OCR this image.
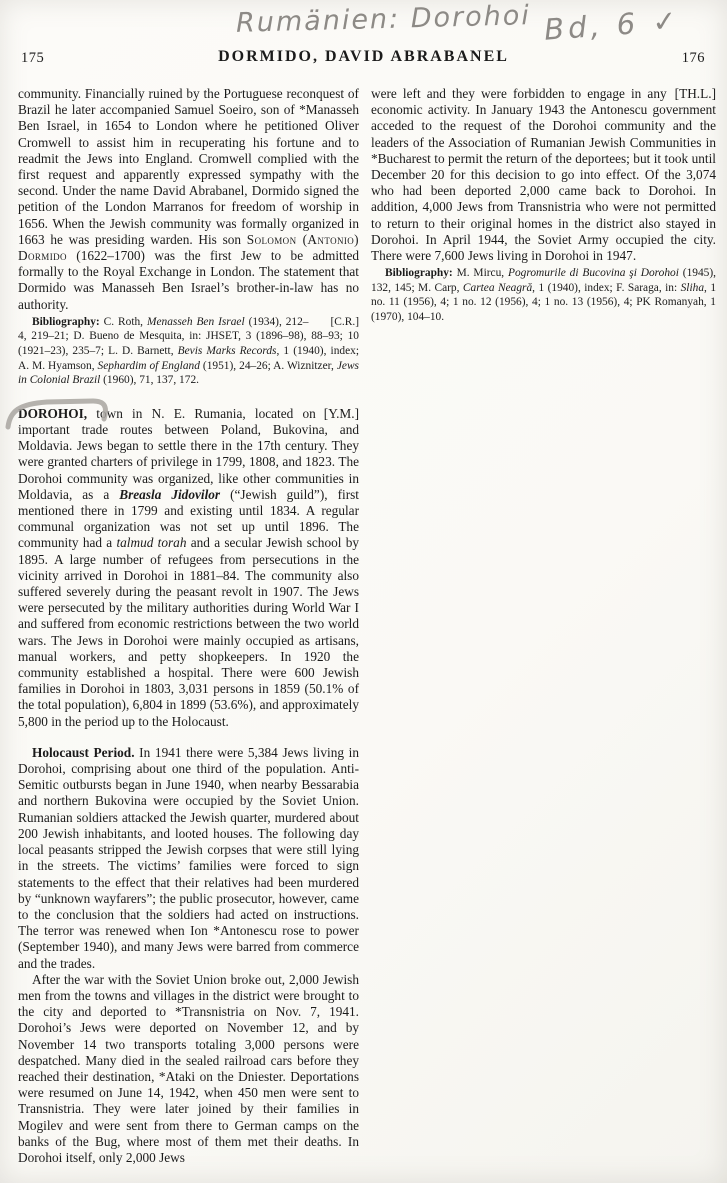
Rumänien: Dorohoi Bd, 6 ✓
175	DORMIDO, DAVID ABRABANEL	176

community. Financially ruined by the Portuguese reconquest of Brazil he later accompanied Samuel Soeiro, son of *Manasseh Ben Israel, in 1654 to London where he petitioned Oliver Cromwell to assist him in recuperating his fortune and to readmit the Jews into England. Cromwell complied with the first request and apparently expressed sympathy with the second. Under the name David Abrabanel, Dormido signed the petition of the London Marranos for freedom of worship in 1656. When the Jewish community was formally organized in 1663 he was presiding warden. His son Solomon (Antonio) Dormido (1622–1700) was the first Jew to be admitted formally to the Royal Exchange in London. The statement that Dormido was Manasseh Ben Israel’s brother-in-law has no authority.

[C.R.]
Bibliography: C. Roth, Menasseh Ben Israel (1934), 212–4, 219–21; D. Bueno de Mesquita, in: JHSET, 3 (1896–98), 88–93; 10 (1921–23), 235–7; L. D. Barnett, Bevis Marks Records, 1 (1940), index; A. M. Hyamson, Sephardim of England (1951), 24–26; A. Wiznitzer, Jews in Colonial Brazil (1960), 71, 137, 172.

[Y.M.]
DOROHOI, town in N. E. Rumania, located on important trade routes between Poland, Bukovina, and Moldavia. Jews began to settle there in the 17th century. They were granted charters of privilege in 1799, 1808, and 1823. The Dorohoi community was organized, like other communities in Moldavia, as a Breasla Jidovilor (“Jewish guild”), first mentioned there in 1799 and existing until 1834. A regular communal organization was not set up until 1896. The community had a talmud torah and a secular Jewish school by 1895. A large number of refugees from persecutions in the vicinity arrived in Dorohoi in 1881–84. The community also suffered severely during the peasant revolt in 1907. The Jews were persecuted by the military authorities during World War I and suffered from economic restrictions between the two world wars. The Jews in Dorohoi were mainly occupied as artisans, manual workers, and petty shopkeepers. In 1920 the community established a hospital. There were 600 Jewish families in Dorohoi in 1803, 3,031 persons in 1859 (50.1% of the total population), 6,804 in 1899 (53.6%), and approximately 5,800 in the period up to the Holocaust.

Holocaust Period. In 1941 there were 5,384 Jews living in Dorohoi, comprising about one third of the population. Anti-Semitic outbursts began in June 1940, when nearby Bessarabia and northern Bukovina were occupied by the Soviet Union. Rumanian soldiers attacked the Jewish quarter, murdered about 200 Jewish inhabitants, and looted houses. The following day local peasants stripped the Jewish corpses that were still lying in the streets. The victims’ families were forced to sign statements to the effect that their relatives had been murdered by “unknown wayfarers”; the public prosecutor, however, came to the conclusion that the soldiers had acted on instructions. The terror was renewed when Ion *Antonescu rose to power (September 1940), and many Jews were barred from commerce and the trades.

After the war with the Soviet Union broke out, 2,000 Jewish men from the towns and villages in the district were brought to the city and deported to *Transnistria on Nov. 7, 1941. Dorohoi’s Jews were deported on November 12, and by November 14 two transports totaling 3,000 persons were despatched. Many died in the sealed railroad cars before they reached their destination, *Ataki on the Dniester. Deportations were resumed on June 14, 1942, when 450 men were sent to Transnistria. They were later joined by their families in Mogilev and were sent from there to German camps on the banks of the Bug, where most of them met their deaths. In Dorohoi itself, only 2,000 Jews

[TH.L.]
were left and they were forbidden to engage in any economic activity. In January 1943 the Antonescu government acceded to the request of the Dorohoi community and the leaders of the Association of Rumanian Jewish Communities in *Bucharest to permit the return of the deportees; but it took until December 20 for this decision to go into effect. Of the 3,074 who had been deported 2,000 came back to Dorohoi. In addition, 4,000 Jews from Transnistria who were not permitted to return to their original homes in the district also stayed in Dorohoi. In April 1944, the Soviet Army occupied the city. There were 7,600 Jews living in Dorohoi in 1947.

Bibliography: M. Mircu, Pogromurile di Bucovina şi Dorohoi (1945), 132, 145; M. Carp, Cartea Neagră, 1 (1940), index; F. Saraga, in: Sliha, 1 no. 11 (1956), 4; 1 no. 12 (1956), 4; 1 no. 13 (1956), 4; PK Romanyah, 1 (1970), 104–10.
